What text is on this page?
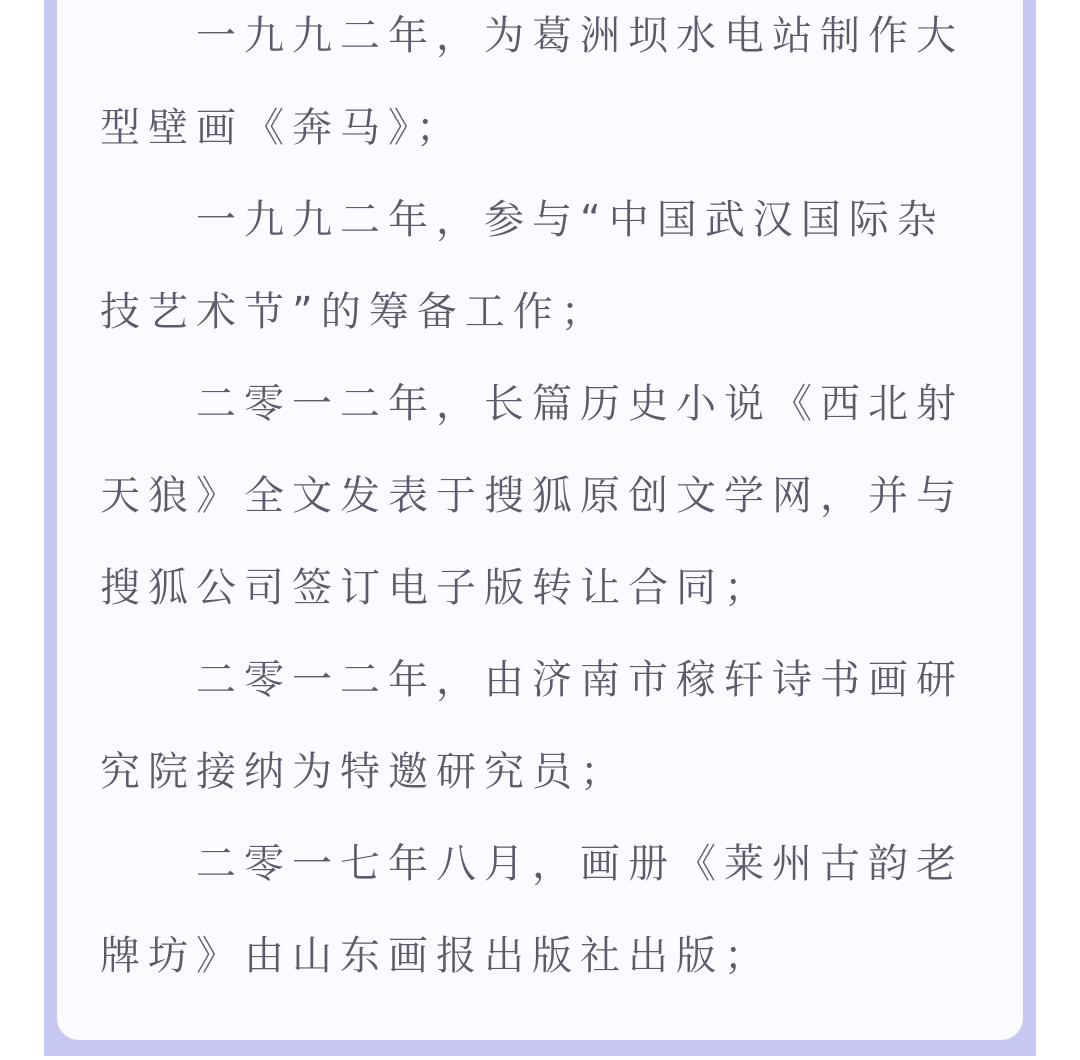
一九九二年，为葛洲坝水电站制作大型壁画《奔马》；

一九九二年，参与“中国武汉国际杂技艺术节”的筹备工作；

二零一二年，长篇历史小说《西北射天狼》全文发表于搜狐原创文学网，并与搜狐公司签订电子版转让合同；

二零一二年，由济南市稼轩诗书画研究院接纳为特邀研究员；

二零一七年八月，画册《莱州古韵老牌坊》由山东画报出版社出版；
